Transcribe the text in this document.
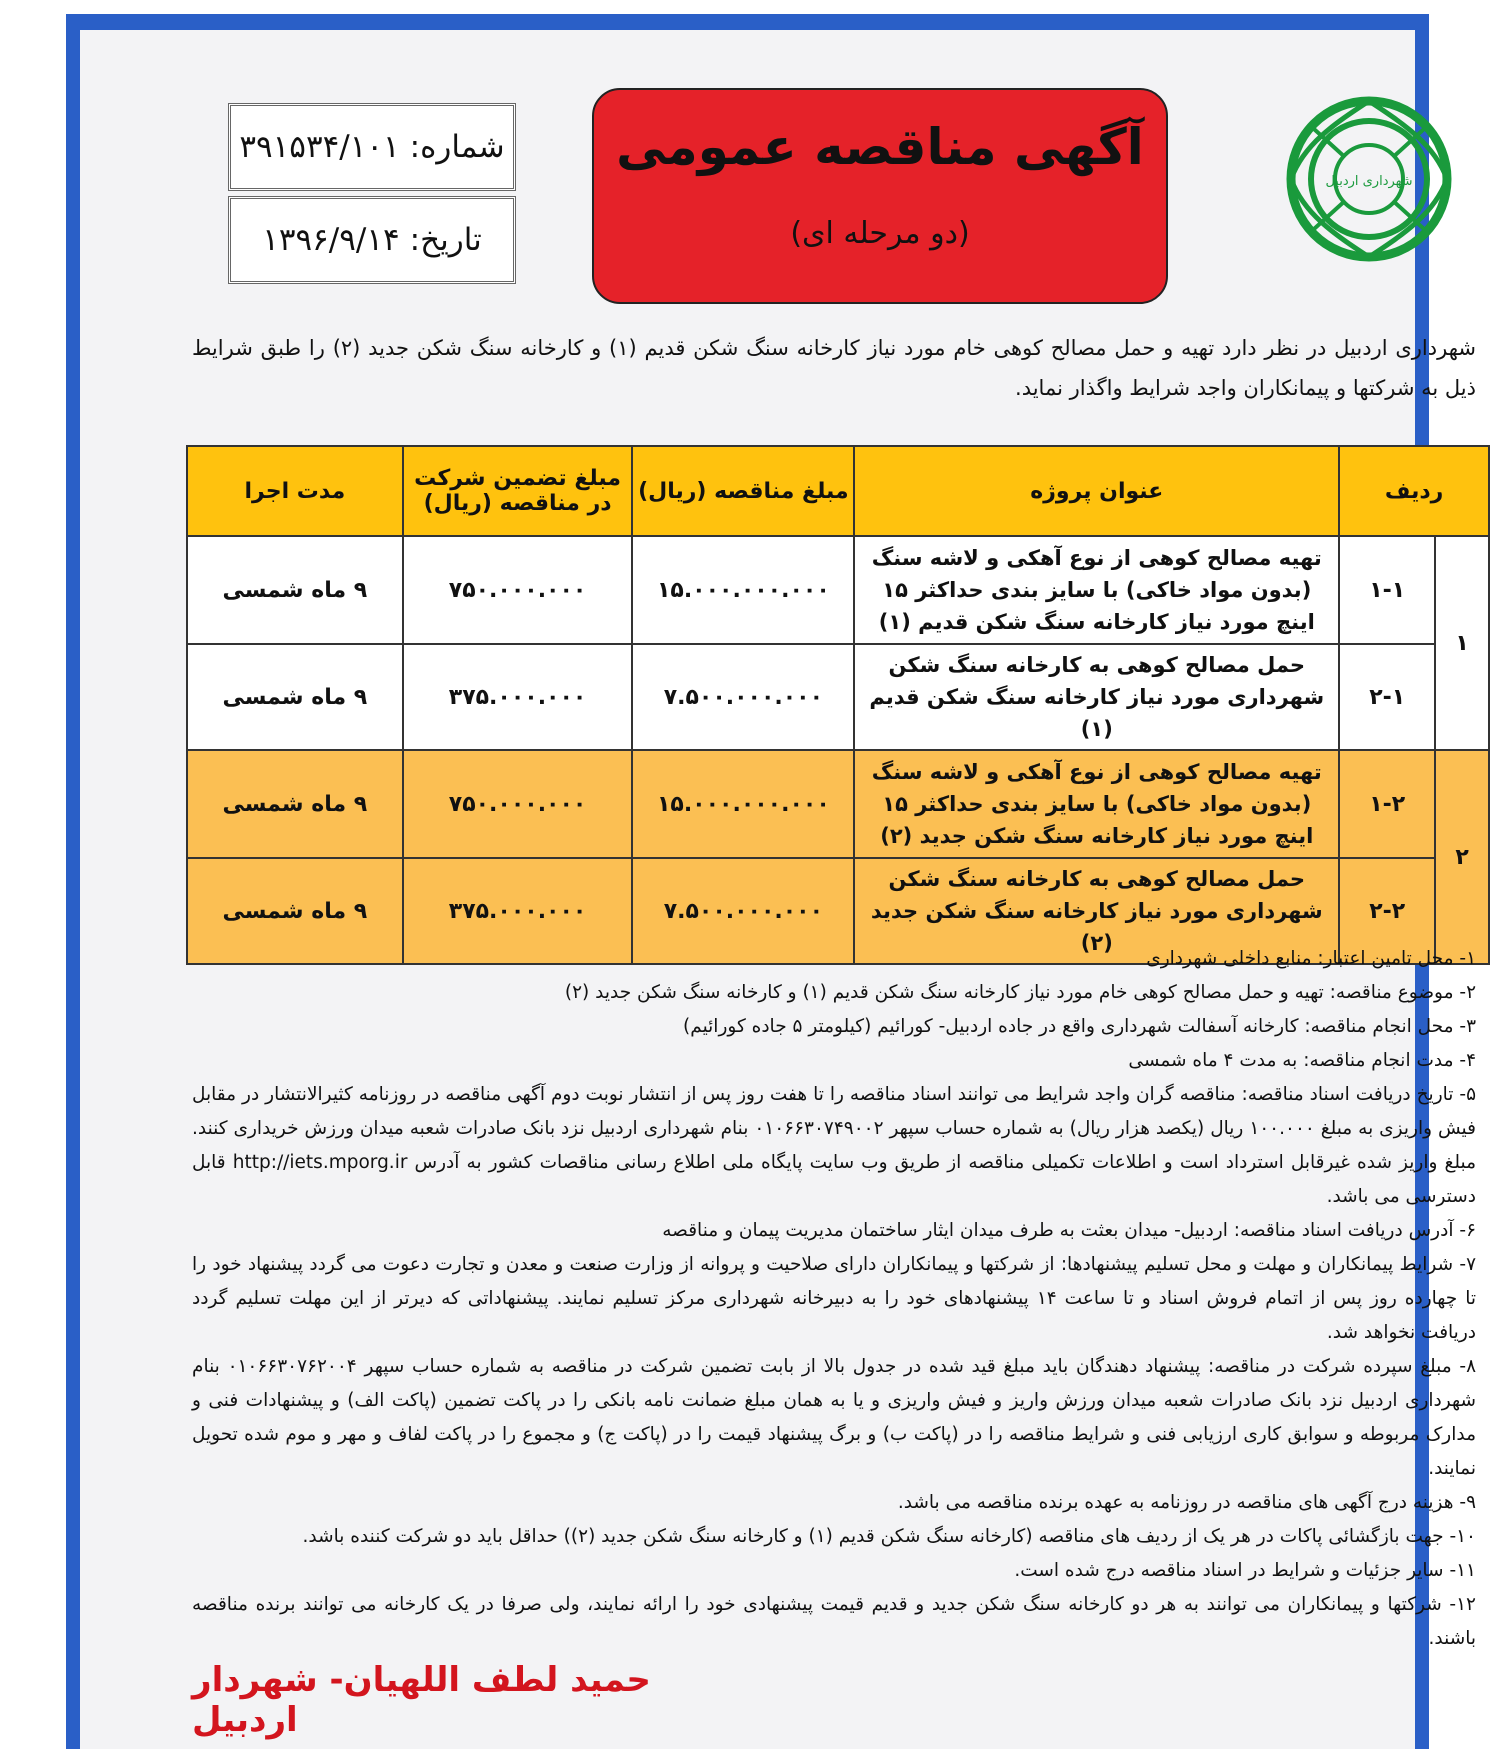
شهرداری اردبیل
آگهی مناقصه عمومی
(دو مرحله ای)
شماره:
۳۹۱۵۳۴/۱۰۱
تاریخ:
۱۳۹۶/۹/۱۴
شهرداری اردبیل در نظر دارد تهیه و حمل مصالح کوهی خام مورد نیاز کارخانه سنگ شکن قدیم (۱) و کارخانه سنگ شکن جدید (۲) را طبق شرایط ذیل به شرکتها و پیمانکاران واجد شرایط واگذار نماید.
ردیف		عنوان پروژه	مبلغ مناقصه (ریال)	مبلغ تضمین شرکت در مناقصه (ریال)	مدت اجرا
۱	۱-۱	تهیه مصالح کوهی از نوع آهکی و لاشه سنگ (بدون مواد خاکی) با سایز بندی حداکثر ۱۵ اینچ مورد نیاز کارخانه سنگ شکن قدیم (۱)	۱۵.۰۰۰.۰۰۰.۰۰۰	۷۵۰.۰۰۰.۰۰۰	۹ ماه شمسی
	۲-۱	حمل مصالح کوهی به کارخانه سنگ شکن شهرداری مورد نیاز کارخانه سنگ شکن قدیم (۱)	۷.۵۰۰.۰۰۰.۰۰۰	۳۷۵.۰۰۰.۰۰۰	۹ ماه شمسی
۲	۱-۲	تهیه مصالح کوهی از نوع آهکی و لاشه سنگ (بدون مواد خاکی) با سایز بندی حداکثر ۱۵ اینچ مورد نیاز کارخانه سنگ شکن جدید (۲)	۱۵.۰۰۰.۰۰۰.۰۰۰	۷۵۰.۰۰۰.۰۰۰	۹ ماه شمسی
	۲-۲	حمل مصالح کوهی به کارخانه سنگ شکن شهرداری مورد نیاز کارخانه سنگ شکن جدید (۲)	۷.۵۰۰.۰۰۰.۰۰۰	۳۷۵.۰۰۰.۰۰۰	۹ ماه شمسی

۱- محل تامین اعتبار: منابع داخلی شهرداری

۲- موضوع مناقصه: تهیه و حمل مصالح کوهی خام مورد نیاز کارخانه سنگ شکن قدیم (۱) و کارخانه سنگ شکن جدید (۲)

۳- محل انجام مناقصه: کارخانه آسفالت شهرداری واقع در جاده اردبیل- کورائیم (کیلومتر ۵ جاده کورائیم)

۴- مدت انجام مناقصه: به مدت ۴ ماه شمسی

۵- تاریخ دریافت اسناد مناقصه: مناقصه گران واجد شرایط می توانند اسناد مناقصه را تا هفت روز پس از انتشار نوبت دوم آگهی مناقصه در روزنامه کثیرالانتشار در مقابل فیش واریزی به مبلغ ۱۰۰.۰۰۰ ریال (یکصد هزار ریال) به شماره حساب سپهر ۰۱۰۶۶۳۰۷۴۹۰۰۲ بنام شهرداری اردبیل نزد بانک صادرات شعبه میدان ورزش خریداری کنند. مبلغ واریز شده غیرقابل استرداد است و اطلاعات تکمیلی مناقصه از طریق وب سایت پایگاه ملی اطلاع رسانی مناقصات کشور به آدرس http://iets.mporg.ir قابل دسترسی می باشد.

۶- آدرس دریافت اسناد مناقصه: اردبیل- میدان بعثت به طرف میدان ایثار ساختمان مدیریت پیمان و مناقصه

۷- شرایط پیمانکاران و مهلت و محل تسلیم پیشنهادها: از شرکتها و پیمانکاران دارای صلاحیت و پروانه از وزارت صنعت و معدن و تجارت دعوت می گردد پیشنهاد خود را تا چهارده روز پس از اتمام فروش اسناد و تا ساعت ۱۴ پیشنهادهای خود را به دبیرخانه شهرداری مرکز تسلیم نمایند. پیشنهاداتی که دیرتر از این مهلت تسلیم گردد دریافت نخواهد شد.

۸- مبلغ سپرده شرکت در مناقصه: پیشنهاد دهندگان باید مبلغ قید شده در جدول بالا از بابت تضمین شرکت در مناقصه به شماره حساب سپهر ۰۱۰۶۶۳۰۷۶۲۰۰۴ بنام شهرداری اردبیل نزد بانک صادرات شعبه میدان ورزش واریز و فیش واریزی و یا به همان مبلغ ضمانت نامه بانکی را در پاکت تضمین (پاکت الف) و پیشنهادات فنی و مدارک مربوطه و سوابق کاری ارزیابی فنی و شرایط مناقصه را در (پاکت ب) و برگ پیشنهاد قیمت را در (پاکت ج) و مجموع را در پاکت لفاف و مهر و موم شده تحویل نمایند.

۹- هزینه درج آگهی های مناقصه در روزنامه به عهده برنده مناقصه می باشد.

۱۰- جهت بازگشائی پاکات در هر یک از ردیف های مناقصه (کارخانه سنگ شکن قدیم (۱) و کارخانه سنگ شکن جدید (۲)) حداقل باید دو شرکت کننده باشد.

۱۱- سایر جزئیات و شرایط در اسناد مناقصه درج شده است.

۱۲- شرکتها و پیمانکاران می توانند به هر دو کارخانه سنگ شکن جدید و قدیم قیمت پیشنهادی خود را ارائه نمایند، ولی صرفا در یک کارخانه می توانند برنده مناقصه باشند.

حمید لطف اللهیان- شهردار اردبیل
